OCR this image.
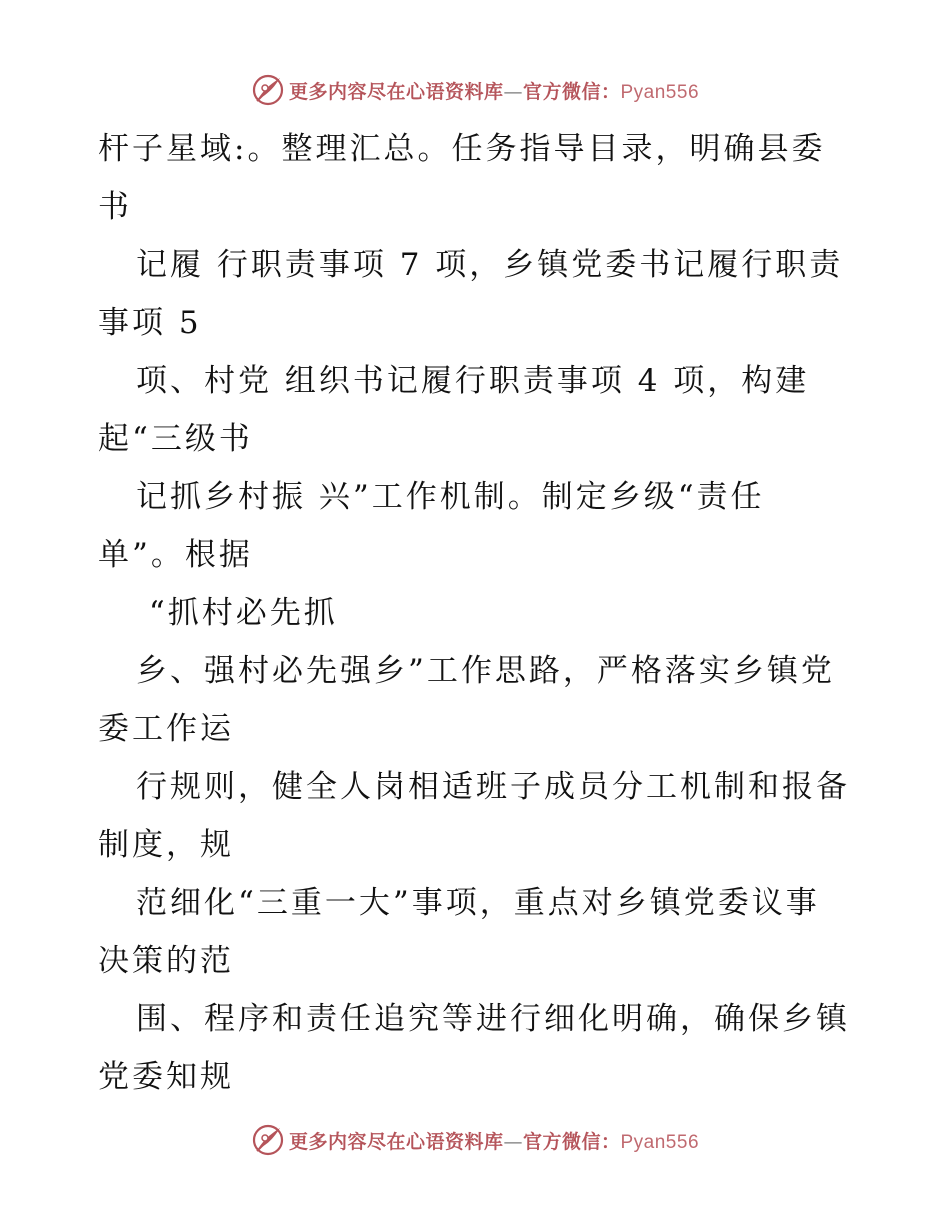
更多内容尽在心语资料库—官方微信：Pyan556
杆子星域:。整理汇总。任务指导目录，明确县委
书
记履 行职责事项 7 项，乡镇党委书记履行职责
事项 5
项、村党 组织书记履行职责事项 4 项，构建
起“三级书
记抓乡村振 兴”工作机制。制定乡级“责任
单”。根据
“抓村必先抓
乡、强村必先强乡”工作思路，严格落实乡镇党
委工作运
行规则，健全人岗相适班子成员分工机制和报备
制度，规
范细化“三重一大”事项，重点对乡镇党委议事
决策的范
围、程序和责任追究等进行细化明确，确保乡镇
党委知规
更多内容尽在心语资料库—官方微信：Pyan556
